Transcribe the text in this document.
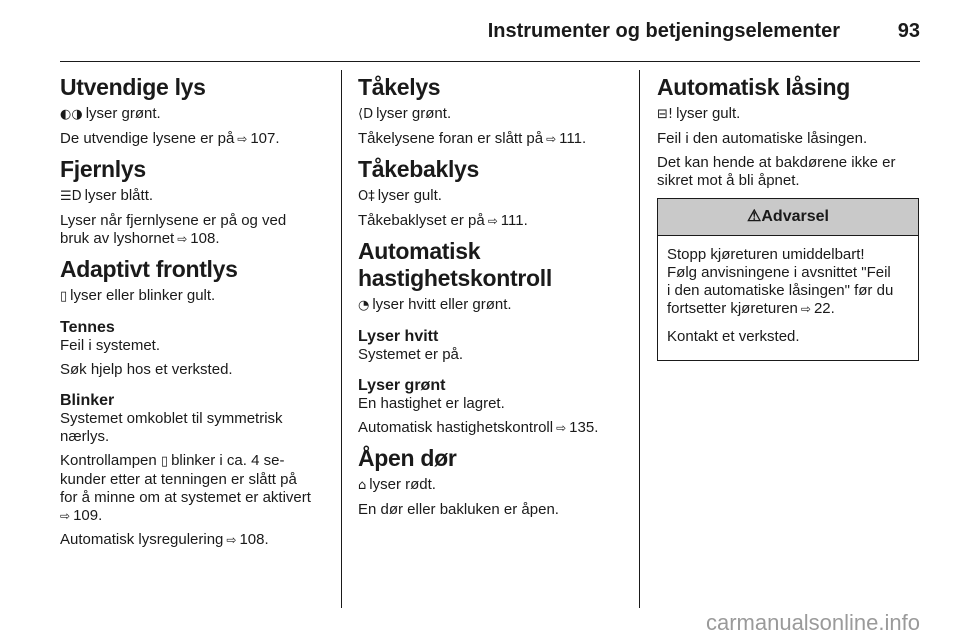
Instrumenter og betjeningselementer	93
Utvendige lys

◐◑ lyser grønt.

De utvendige lysene er på ⇨ 107.

Fjernlys

☰D lyser blått.

Lyser når fjernlysene er på og ved
bruk av lyshornet ⇨ 108.

Adaptivt frontlys

▯ lyser eller blinker gult.

Tennes

Feil i systemet.

Søk hjelp hos et verksted.

Blinker

Systemet omkoblet til symmetrisk
nærlys.

Kontrollampen ▯ blinker i ca. 4 se-
kunder etter at tenningen er slått på
for å minne om at systemet er aktivert
⇨ 109.

Automatisk lysregulering ⇨ 108.

Tåkelys

⟨D lyser grønt.

Tåkelysene foran er slått på ⇨ 111.

Tåkebaklys

O‡ lyser gult.

Tåkebaklyset er på ⇨ 111.

Automatisk
hastighetskontroll

◔ lyser hvitt eller grønt.

Lyser hvitt

Systemet er på.

Lyser grønt

En hastighet er lagret.

Automatisk hastighetskontroll ⇨ 135.

Åpen dør

⌂ lyser rødt.

En dør eller bakluken er åpen.

Automatisk låsing

⊟! lyser gult.

Feil i den automatiske låsingen.

Det kan hende at bakdørene ikke er
sikret mot å bli åpnet.

⚠Advarsel

Stopp kjøreturen umiddelbart!
Følg anvisningene i avsnittet "Feil
i den automatiske låsingen" før du
fortsetter kjøreturen ⇨ 22.

Kontakt et verksted.

carmanualsonline.info
